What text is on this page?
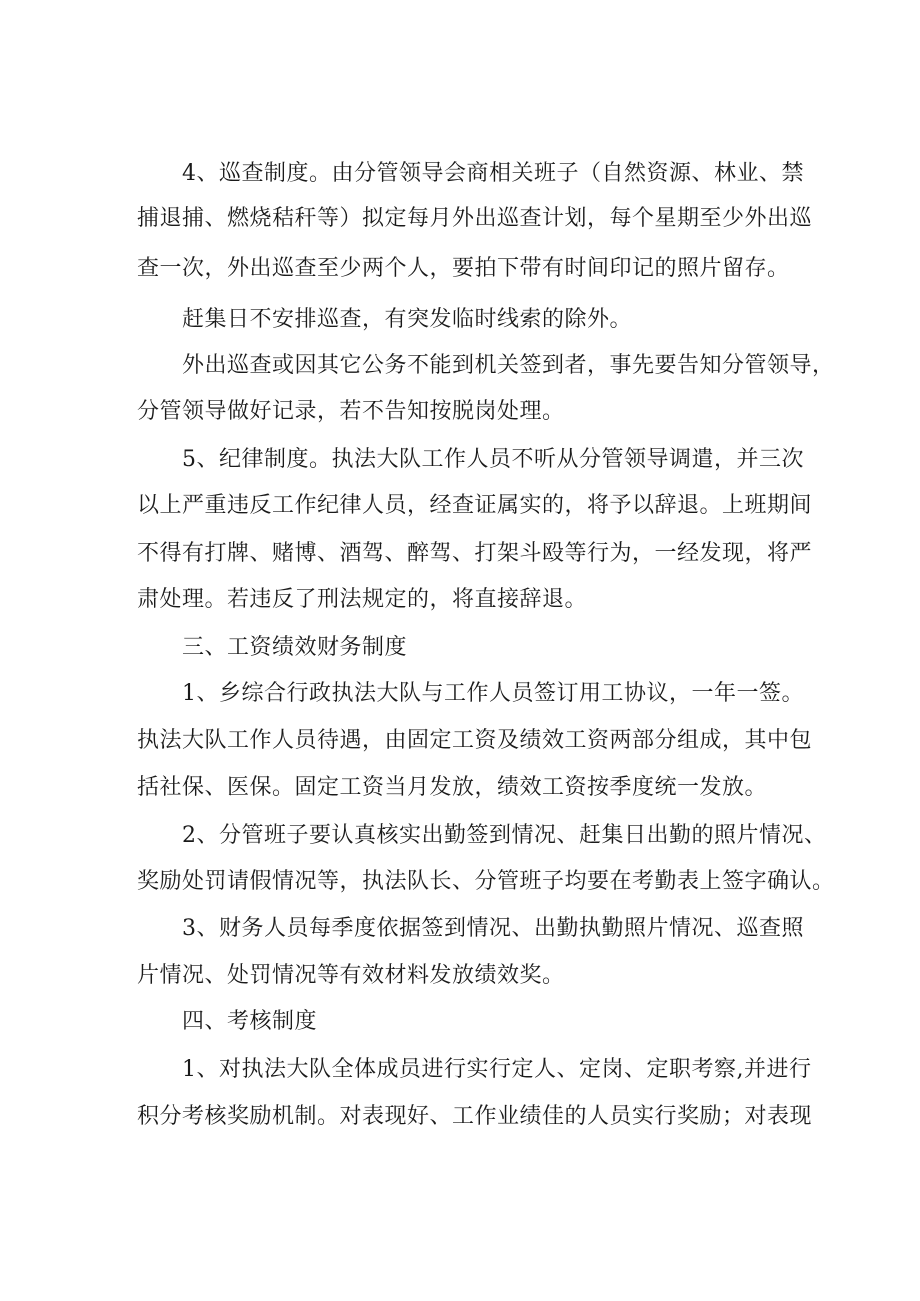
4、巡查制度。由分管领导会商相关班子（自然资源、林业、禁
捕退捕、燃烧秸秆等）拟定每月外出巡查计划，每个星期至少外出巡
查一次，外出巡查至少两个人，要拍下带有时间印记的照片留存。
赶集日不安排巡查，有突发临时线索的除外。
外出巡查或因其它公务不能到机关签到者，事先要告知分管领导，
分管领导做好记录，若不告知按脱岗处理。
5、纪律制度。执法大队工作人员不听从分管领导调遣，并三次
以上严重违反工作纪律人员，经查证属实的，将予以辞退。上班期间
不得有打牌、赌博、酒驾、醉驾、打架斗殴等行为，一经发现，将严
肃处理。若违反了刑法规定的，将直接辞退。
三、工资绩效财务制度
1、乡综合行政执法大队与工作人员签订用工协议，一年一签。
执法大队工作人员待遇，由固定工资及绩效工资两部分组成，其中包
括社保、医保。固定工资当月发放，绩效工资按季度统一发放。
2、分管班子要认真核实出勤签到情况、赶集日出勤的照片情况、
奖励处罚请假情况等，执法队长、分管班子均要在考勤表上签字确认。
3、财务人员每季度依据签到情况、出勤执勤照片情况、巡查照
片情况、处罚情况等有效材料发放绩效奖。
四、考核制度
1、对执法大队全体成员进行实行定人、定岗、定职考察,并进行
积分考核奖励机制。对表现好、工作业绩佳的人员实行奖励；对表现
